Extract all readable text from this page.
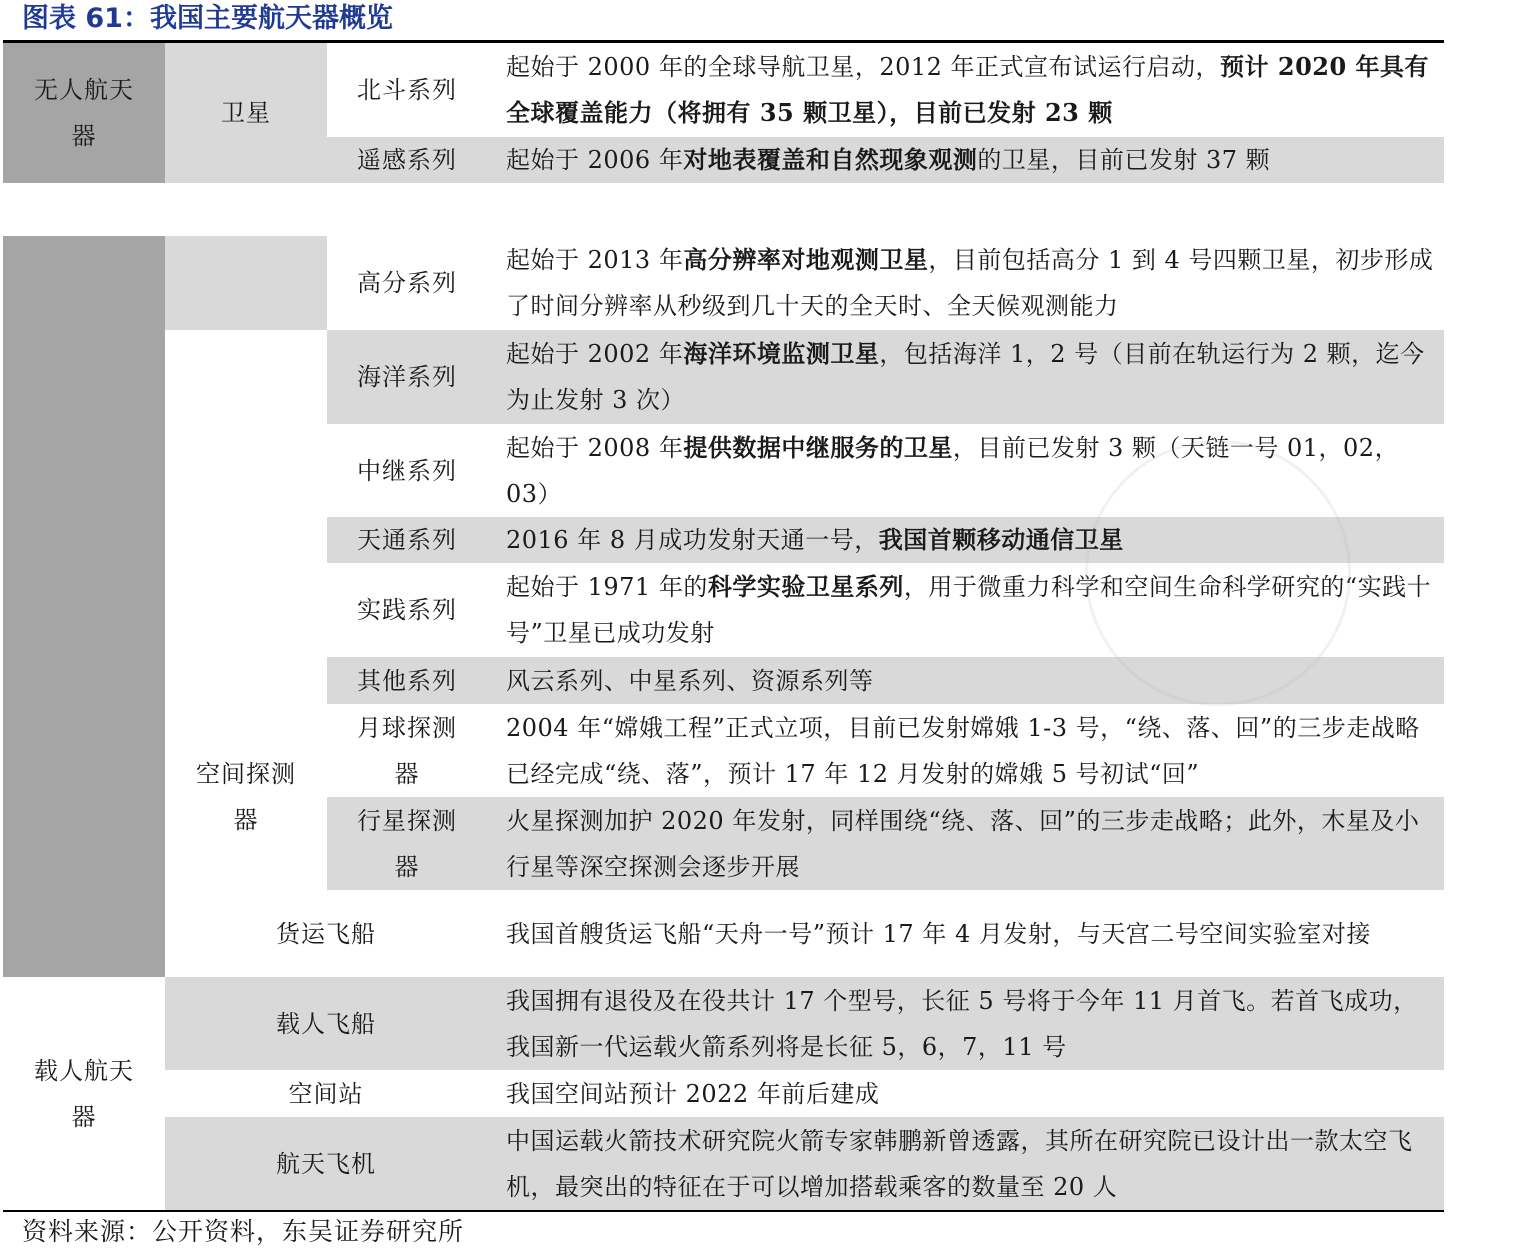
图表 61：我国主要航天器概览
无人航天器
载人航天器
卫星
空间探测器
北斗系列
遥感系列
高分系列
海洋系列
中继系列
天通系列
实践系列
其他系列
月球探测器
行星探测器
货运飞船
载人飞船
空间站
航天飞机
起始于 2000 年的全球导航卫星，2012 年正式宣布试运行启动，预计 2020 年具有全球覆盖能力（将拥有 35 颗卫星），目前已发射 23 颗
起始于 2006 年对地表覆盖和自然现象观测的卫星，目前已发射 37 颗
起始于 2013 年高分辨率对地观测卫星，目前包括高分 1 到 4 号四颗卫星，初步形成了时间分辨率从秒级到几十天的全天时、全天候观测能力
起始于 2002 年海洋环境监测卫星，包括海洋 1，2 号（目前在轨运行为 2 颗，迄今为止发射 3 次）
起始于 2008 年提供数据中继服务的卫星，目前已发射 3 颗（天链一号 01，02，03）
2016 年 8 月成功发射天通一号，我国首颗移动通信卫星
起始于 1971 年的科学实验卫星系列，用于微重力科学和空间生命科学研究的“实践十号”卫星已成功发射
风云系列、中星系列、资源系列等
2004 年“嫦娥工程”正式立项，目前已发射嫦娥 1-3 号，“绕、落、回”的三步走战略已经完成“绕、落”，预计 17 年 12 月发射的嫦娥 5 号初试“回”
火星探测加护 2020 年发射，同样围绕“绕、落、回”的三步走战略；此外，木星及小行星等深空探测会逐步开展
我国首艘货运飞船“天舟一号”预计 17 年 4 月发射，与天宫二号空间实验室对接
我国拥有退役及在役共计 17 个型号，长征 5 号将于今年 11 月首飞。若首飞成功，我国新一代运载火箭系列将是长征 5，6，7，11 号
我国空间站预计 2022 年前后建成
中国运载火箭技术研究院火箭专家韩鹏新曾透露，其所在研究院已设计出一款太空飞机，最突出的特征在于可以增加搭载乘客的数量至 20 人
资料来源：公开资料，东吴证券研究所
